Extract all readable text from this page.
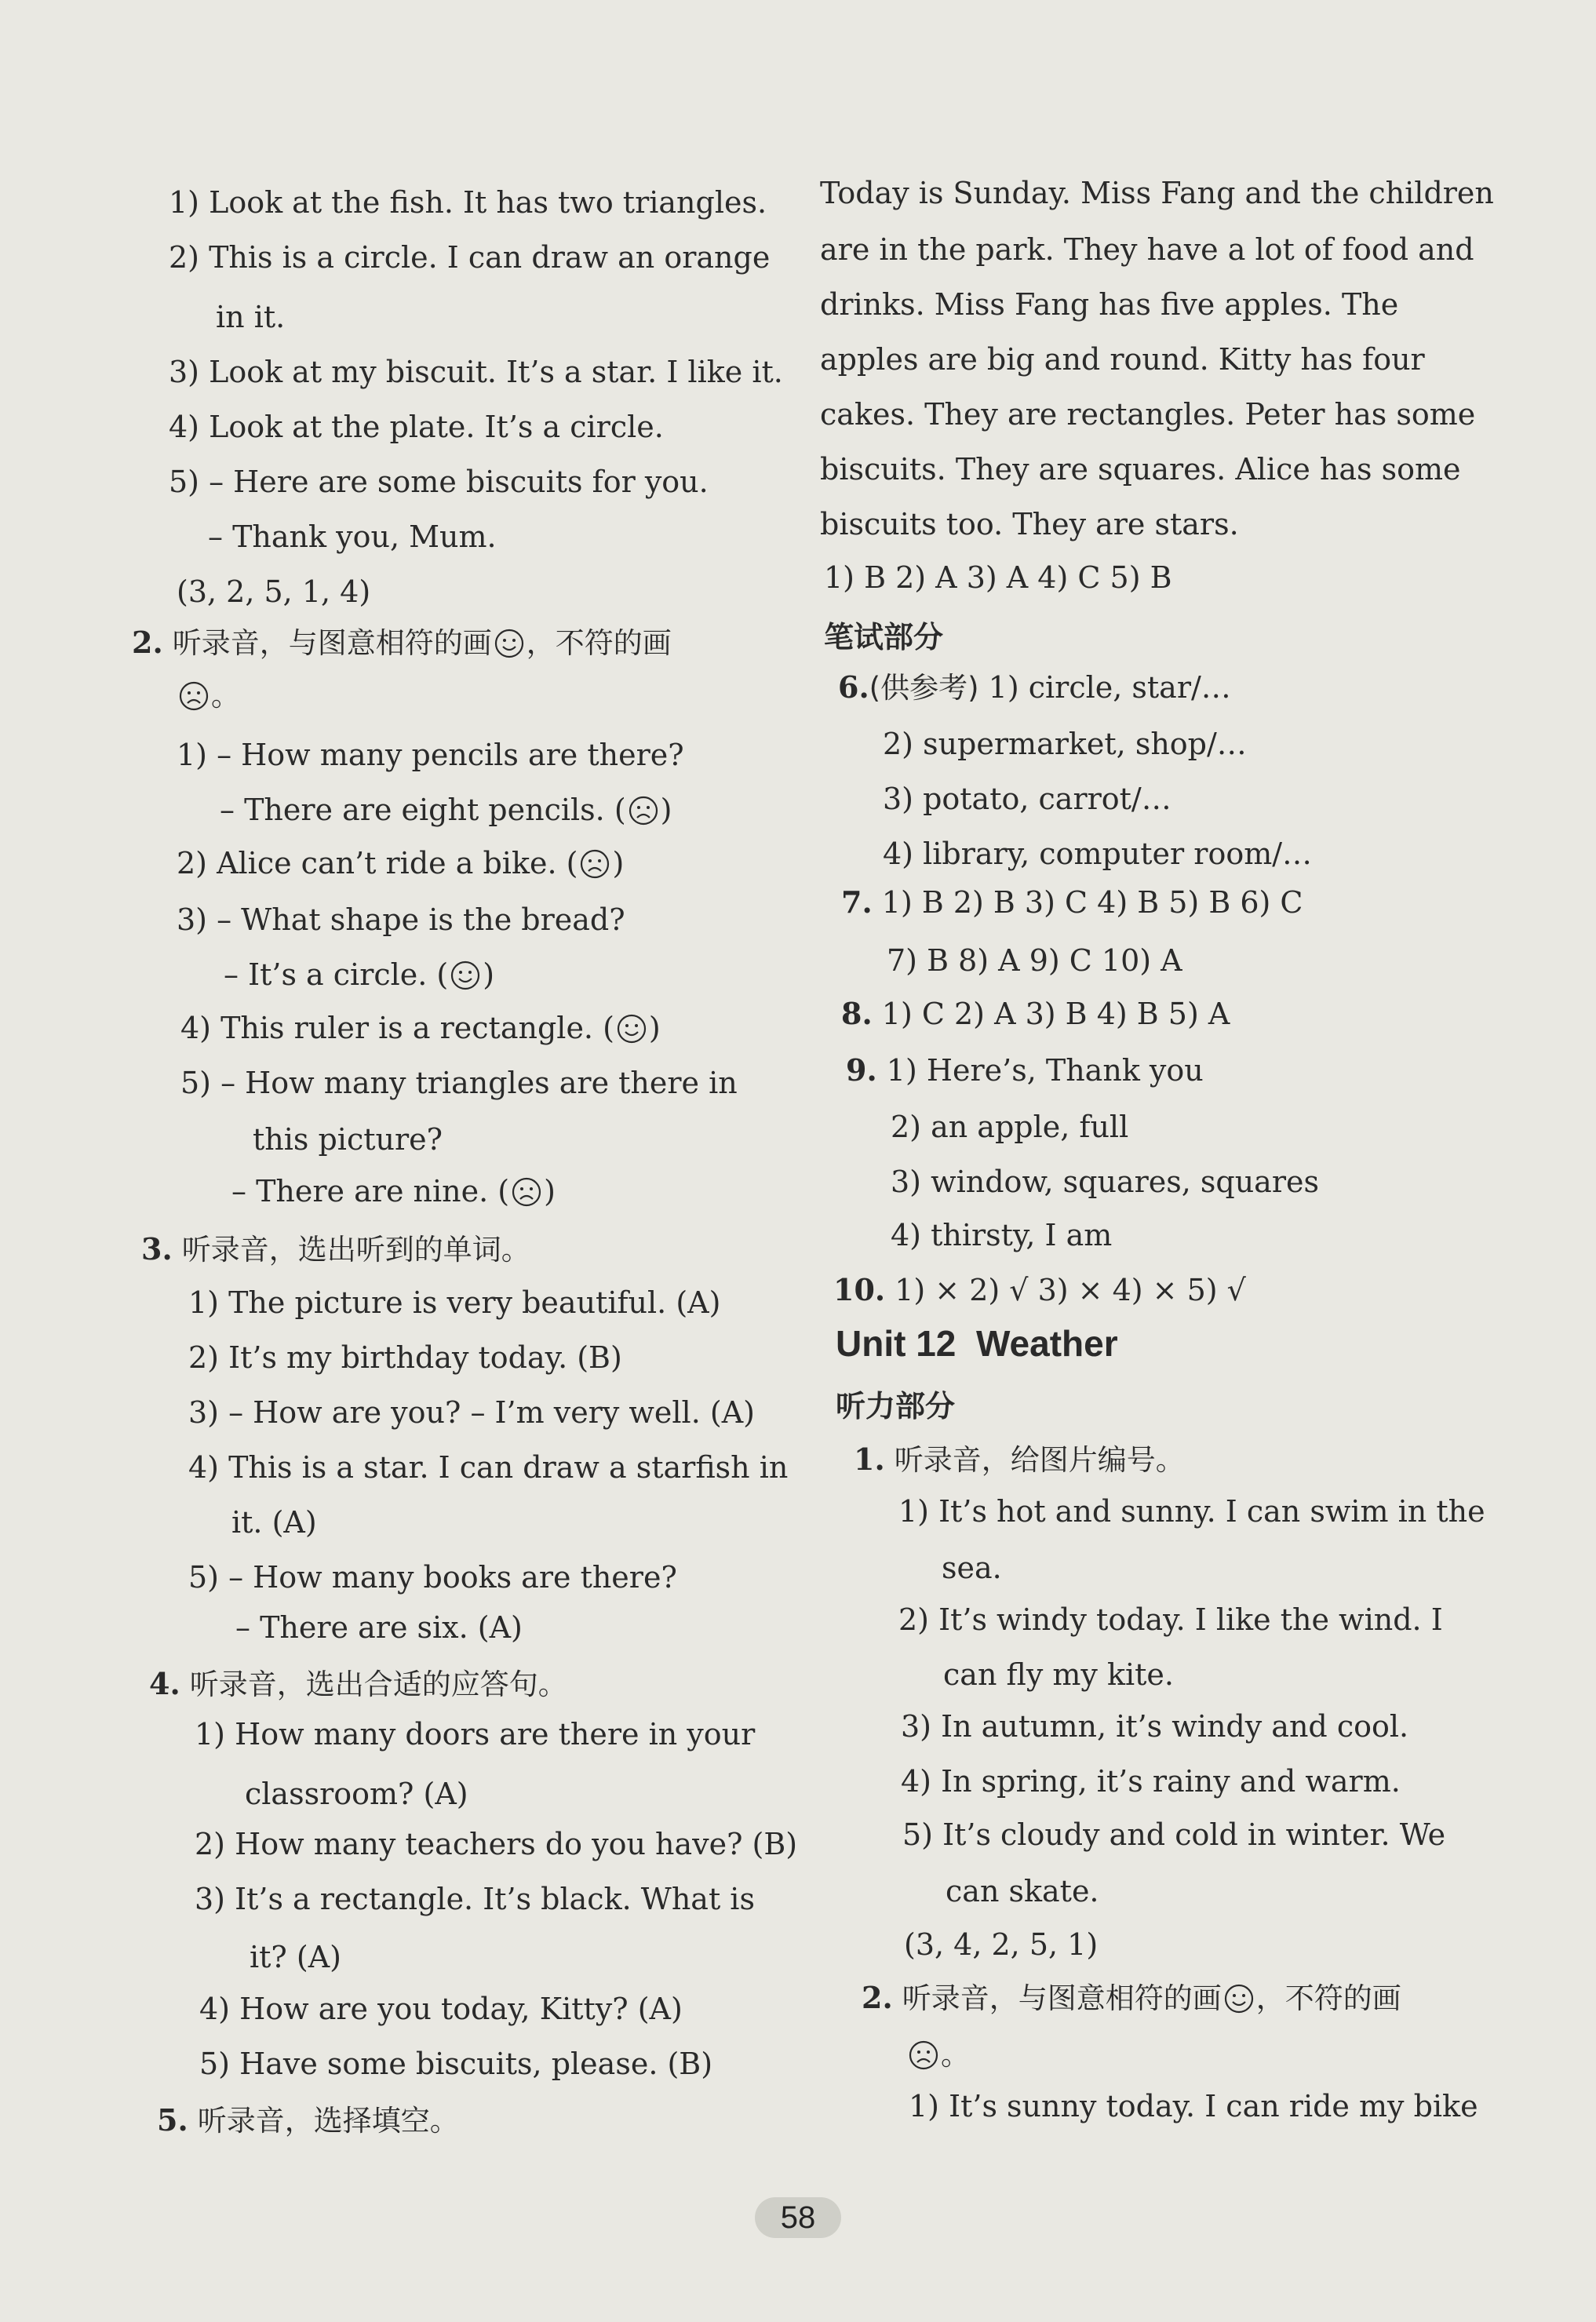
1) Look at the fish. It has two triangles.
2) This is a circle. I can draw an orange
in it.
3) Look at my biscuit. It’s a star. I like it.
4) Look at the plate. It’s a circle.
5) – Here are some biscuits for you.
– Thank you, Mum.
(3, 2, 5, 1, 4)
2. 听录音，与图意相符的画 ，不符的画
。
1) – How many pencils are there?
– There are eight pencils. ( )
2) Alice can’t ride a bike. ( )
3) – What shape is the bread?
– It’s a circle. ( )
4) This ruler is a rectangle. ( )
5) – How many triangles are there in
this picture?
– There are nine. ( )
3. 听录音，选出听到的单词。
1) The picture is very beautiful. (A)
2) It’s my birthday today. (B)
3) – How are you? – I’m very well. (A)
4) This is a star. I can draw a starfish in
it. (A)
5) – How many books are there?
– There are six. (A)
4. 听录音，选出合适的应答句。
1) How many doors are there in your
classroom? (A)
2) How many teachers do you have? (B)
3) It’s a rectangle. It’s black. What is
it? (A)
4) How are you today, Kitty? (A)
5) Have some biscuits, please. (B)
5. 听录音，选择填空。
Today is Sunday. Miss Fang and the children
are in the park. They have a lot of food and
drinks. Miss Fang has five apples. The
apples are big and round. Kitty has four
cakes. They are rectangles. Peter has some
biscuits. They are squares. Alice has some
biscuits too. They are stars.
1) B 2) A 3) A 4) C 5) B
笔试部分
6.(供参考) 1) circle, star/…
2) supermarket, shop/…
3) potato, carrot/…
4) library, computer room/…
7. 1) B 2) B 3) C 4) B 5) B 6) C
7) B 8) A 9) C 10) A
8. 1) C 2) A 3) B 4) B 5) A
9. 1) Here’s, Thank you
2) an apple, full
3) window, squares, squares
4) thirsty, I am
10. 1) × 2) √ 3) × 4) × 5) √
Unit 12 Weather
听力部分
1. 听录音，给图片编号。
1) It’s hot and sunny. I can swim in the
sea.
2) It’s windy today. I like the wind. I
can fly my kite.
3) In autumn, it’s windy and cool.
4) In spring, it’s rainy and warm.
5) It’s cloudy and cold in winter. We
can skate.
(3, 4, 2, 5, 1)
2. 听录音，与图意相符的画 ，不符的画
。
1) It’s sunny today. I can ride my bike
58
